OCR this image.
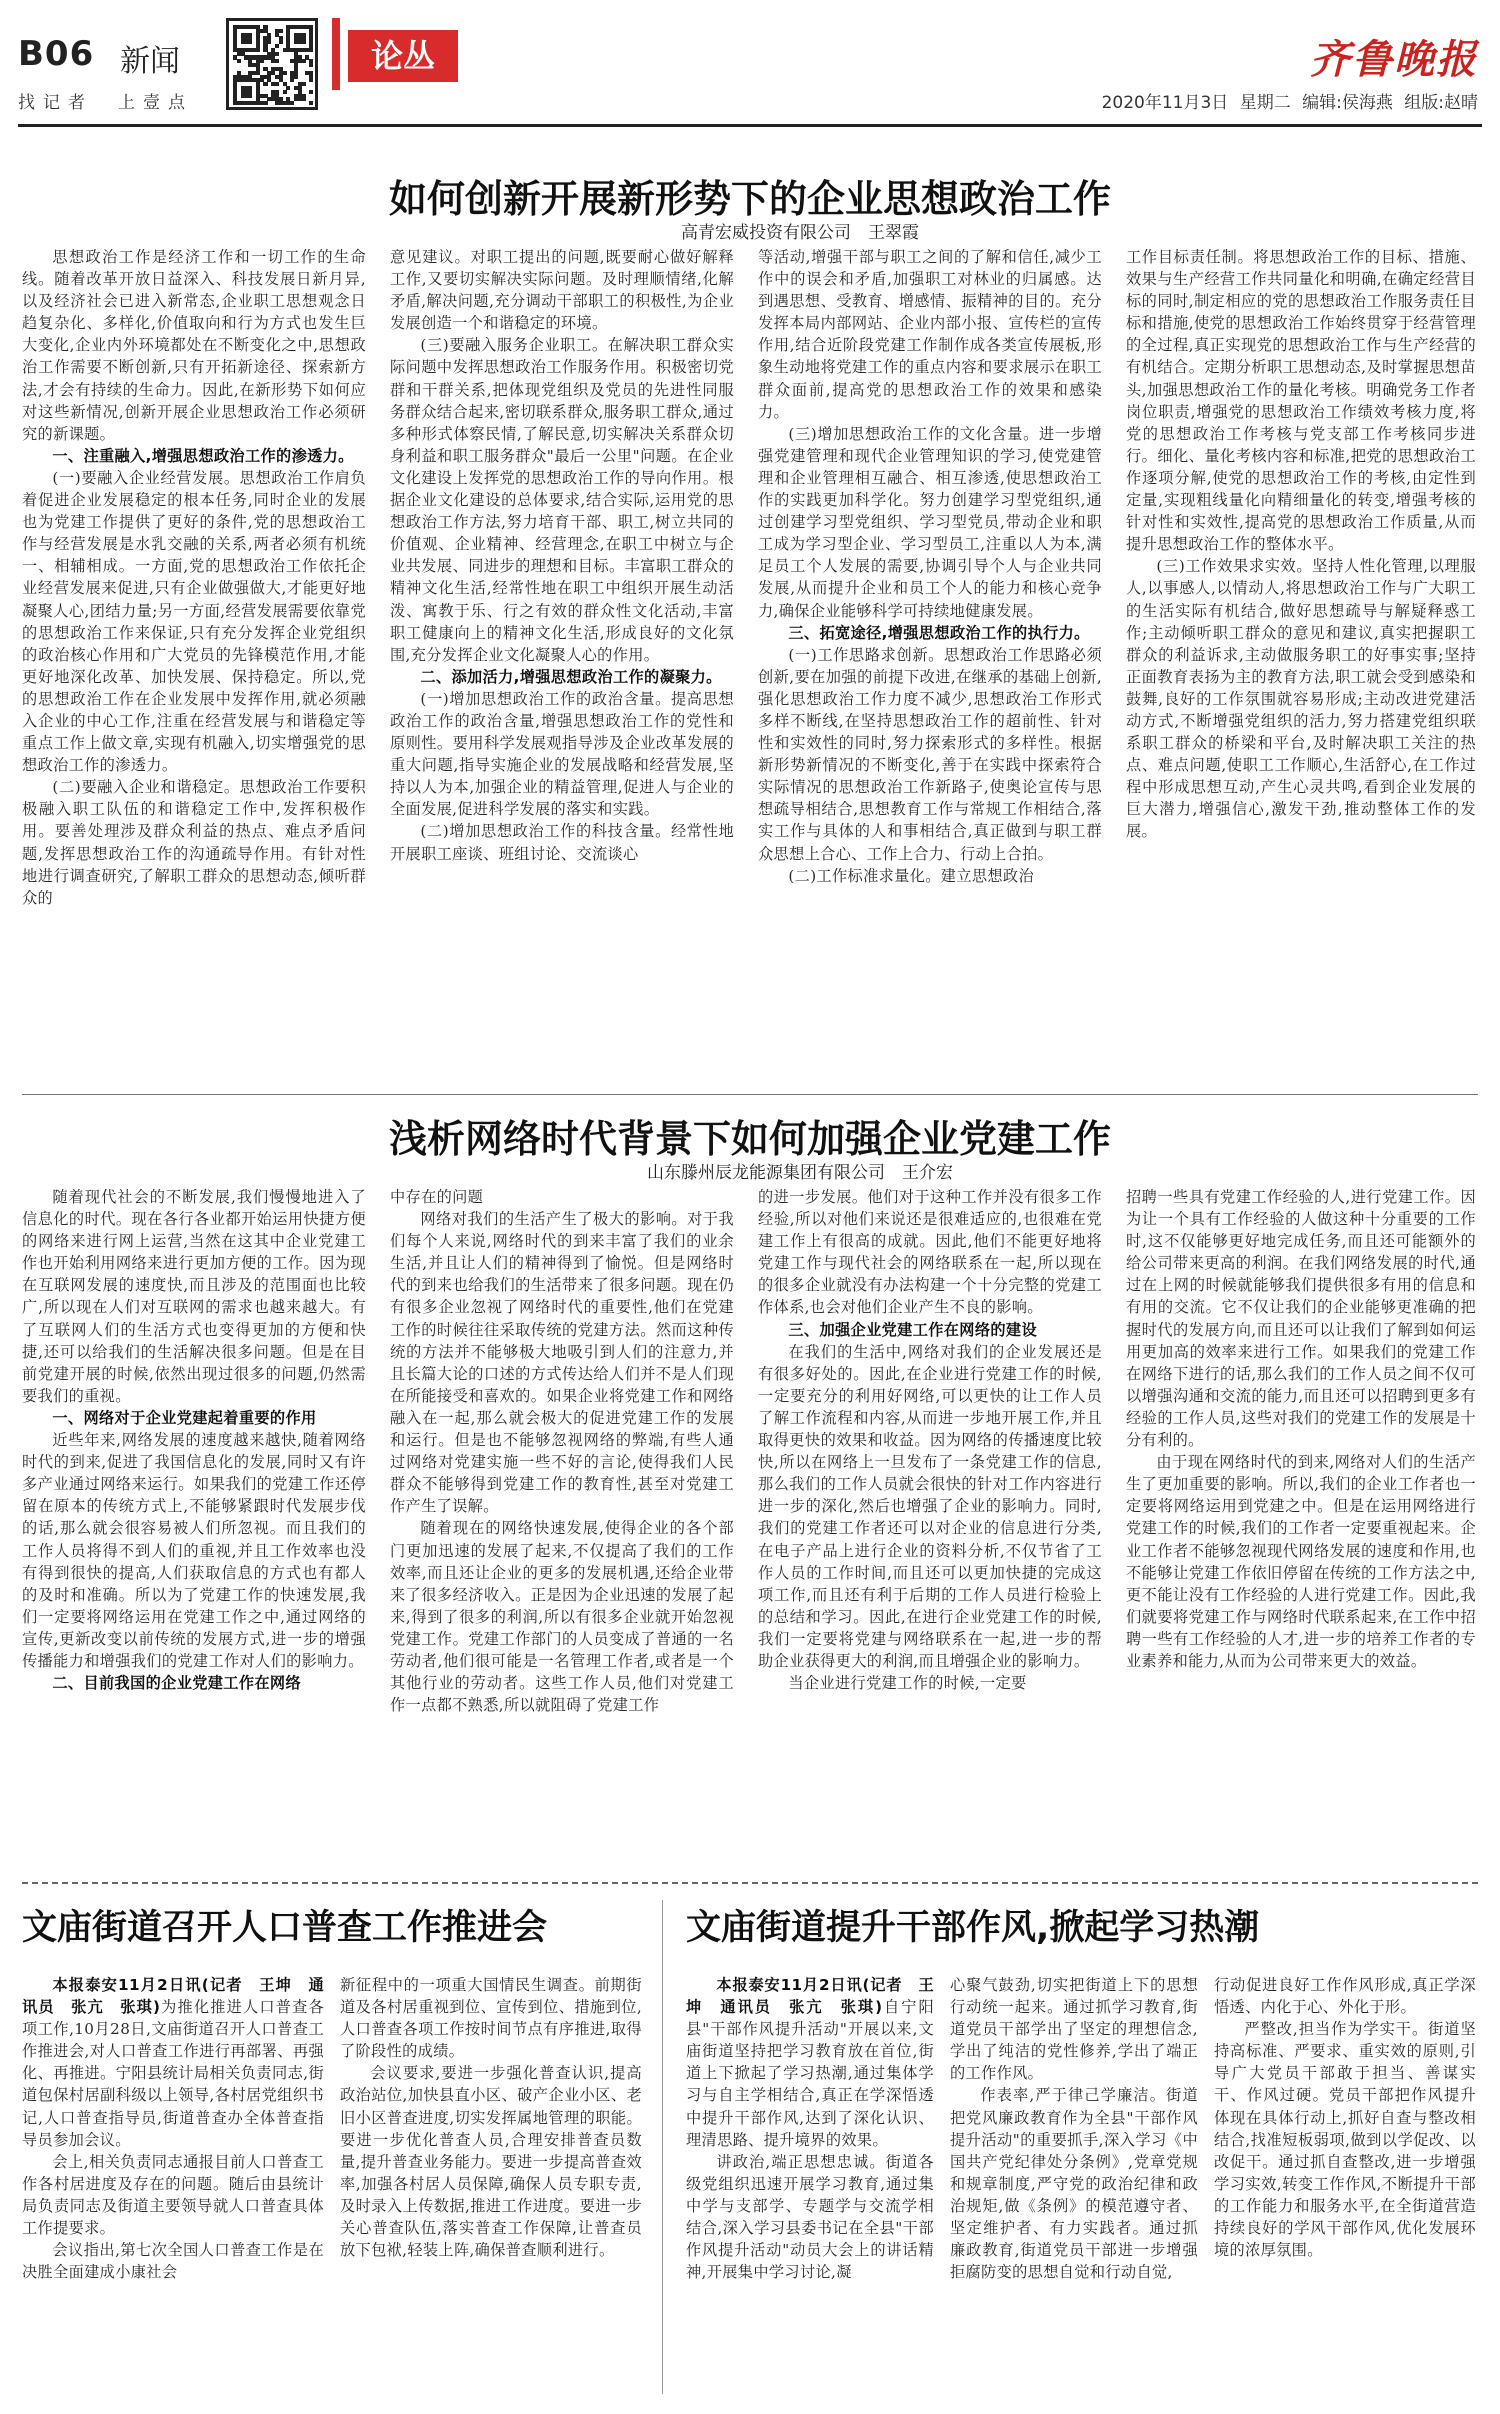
B06 新闻	论丛
找记者　上壹点
齐鲁晚报
2020年11月3日 星期二 编辑:侯海燕 组版:赵晴
如何创新开展新形势下的企业思想政治工作
高青宏威投资有限公司　王翠霞

思想政治工作是经济工作和一切工作的生命线。随着改革开放日益深入、科技发展日新月异,以及经济社会已进入新常态,企业职工思想观念日趋复杂化、多样化,价值取向和行为方式也发生巨大变化,企业内外环境都处在不断变化之中,思想政治工作需要不断创新,只有开拓新途径、探索新方法,才会有持续的生命力。因此,在新形势下如何应对这些新情况,创新开展企业思想政治工作必须研究的新课题。

一、注重融入,增强思想政治工作的渗透力。

(一)要融入企业经营发展。思想政治工作肩负着促进企业发展稳定的根本任务,同时企业的发展也为党建工作提供了更好的条件,党的思想政治工作与经营发展是水乳交融的关系,两者必须有机统一、相辅相成。一方面,党的思想政治工作依托企业经营发展来促进,只有企业做强做大,才能更好地凝聚人心,团结力量;另一方面,经营发展需要依靠党的思想政治工作来保证,只有充分发挥企业党组织的政治核心作用和广大党员的先锋模范作用,才能更好地深化改革、加快发展、保持稳定。所以,党的思想政治工作在企业发展中发挥作用,就必须融入企业的中心工作,注重在经营发展与和谐稳定等重点工作上做文章,实现有机融入,切实增强党的思想政治工作的渗透力。

(二)要融入企业和谐稳定。思想政治工作要积极融入职工队伍的和谐稳定工作中,发挥积极作用。要善处理涉及群众利益的热点、难点矛盾问题,发挥思想政治工作的沟通疏导作用。有针对性地进行调查研究,了解职工群众的思想动态,倾听群众的

意见建议。对职工提出的问题,既要耐心做好解释工作,又要切实解决实际问题。及时理顺情绪,化解矛盾,解决问题,充分调动干部职工的积极性,为企业发展创造一个和谐稳定的环境。

(三)要融入服务企业职工。在解决职工群众实际问题中发挥思想政治工作服务作用。积极密切党群和干群关系,把体现党组织及党员的先进性同服务群众结合起来,密切联系群众,服务职工群众,通过多种形式体察民情,了解民意,切实解决关系群众切身利益和职工服务群众"最后一公里"问题。在企业文化建设上发挥党的思想政治工作的导向作用。根据企业文化建设的总体要求,结合实际,运用党的思想政治工作方法,努力培育干部、职工,树立共同的价值观、企业精神、经营理念,在职工中树立与企业共发展、同进步的理想和目标。丰富职工群众的精神文化生活,经常性地在职工中组织开展生动活泼、寓教于乐、行之有效的群众性文化活动,丰富职工健康向上的精神文化生活,形成良好的文化氛围,充分发挥企业文化凝聚人心的作用。

二、添加活力,增强思想政治工作的凝聚力。

(一)增加思想政治工作的政治含量。提高思想政治工作的政治含量,增强思想政治工作的党性和原则性。要用科学发展观指导涉及企业改革发展的重大问题,指导实施企业的发展战略和经营发展,坚持以人为本,加强企业的精益管理,促进人与企业的全面发展,促进科学发展的落实和实践。

(二)增加思想政治工作的科技含量。经常性地开展职工座谈、班组讨论、交流谈心

等活动,增强干部与职工之间的了解和信任,减少工作中的误会和矛盾,加强职工对林业的归属感。达到遇思想、受教育、增感情、振精神的目的。充分发挥本局内部网站、企业内部小报、宣传栏的宣传作用,结合近阶段党建工作制作成各类宣传展板,形象生动地将党建工作的重点内容和要求展示在职工群众面前,提高党的思想政治工作的效果和感染力。

(三)增加思想政治工作的文化含量。进一步增强党建管理和现代企业管理知识的学习,使党建管理和企业管理相互融合、相互渗透,使思想政治工作的实践更加科学化。努力创建学习型党组织,通过创建学习型党组织、学习型党员,带动企业和职工成为学习型企业、学习型员工,注重以人为本,满足员工个人发展的需要,协调引导个人与企业共同发展,从而提升企业和员工个人的能力和核心竞争力,确保企业能够科学可持续地健康发展。

三、拓宽途径,增强思想政治工作的执行力。

(一)工作思路求创新。思想政治工作思路必须创新,要在加强的前提下改进,在继承的基础上创新,强化思想政治工作力度不减少,思想政治工作形式多样不断线,在坚持思想政治工作的超前性、针对性和实效性的同时,努力探索形式的多样性。根据新形势新情况的不断变化,善于在实践中探索符合实际情况的思想政治工作新路子,使奥论宣传与思想疏导相结合,思想教育工作与常规工作相结合,落实工作与具体的人和事相结合,真正做到与职工群众思想上合心、工作上合力、行动上合拍。

(二)工作标准求量化。建立思想政治

工作目标责任制。将思想政治工作的目标、措施、效果与生产经营工作共同量化和明确,在确定经营目标的同时,制定相应的党的思想政治工作服务责任目标和措施,使党的思想政治工作始终贯穿于经营管理的全过程,真正实现党的思想政治工作与生产经营的有机结合。定期分析职工思想动态,及时掌握思想苗头,加强思想政治工作的量化考核。明确党务工作者岗位职责,增强党的思想政治工作绩效考核力度,将党的思想政治工作考核与党支部工作考核同步进行。细化、量化考核内容和标准,把党的思想政治工作逐项分解,使党的思想政治工作的考核,由定性到定量,实现粗线量化向精细量化的转变,增强考核的针对性和实效性,提高党的思想政治工作质量,从而提升思想政治工作的整体水平。

(三)工作效果求实效。坚持人性化管理,以理服人,以事感人,以情动人,将思想政治工作与广大职工的生活实际有机结合,做好思想疏导与解疑释惑工作;主动倾听职工群众的意见和建议,真实把握职工群众的利益诉求,主动做服务职工的好事实事;坚持正面教育表扬为主的教育方法,职工就会受到感染和鼓舞,良好的工作氛围就容易形成;主动改进党建活动方式,不断增强党组织的活力,努力搭建党组织联系职工群众的桥梁和平台,及时解决职工关注的热点、难点问题,使职工工作顺心,生活舒心,在工作过程中形成思想互动,产生心灵共鸣,看到企业发展的巨大潜力,增强信心,激发干劲,推动整体工作的发展。

浅析网络时代背景下如何加强企业党建工作
山东滕州辰龙能源集团有限公司　王介宏

随着现代社会的不断发展,我们慢慢地进入了信息化的时代。现在各行各业都开始运用快捷方便的网络来进行网上运营,当然在这其中企业党建工作也开始利用网络来进行更加方便的工作。因为现在互联网发展的速度快,而且涉及的范围面也比较广,所以现在人们对互联网的需求也越来越大。有了互联网人们的生活方式也变得更加的方便和快捷,还可以给我们的生活解决很多问题。但是在目前党建开展的时候,依然出现过很多的问题,仍然需要我们的重视。

一、网络对于企业党建起着重要的作用

近些年来,网络发展的速度越来越快,随着网络时代的到来,促进了我国信息化的发展,同时又有许多产业通过网络来运行。如果我们的党建工作还停留在原本的传统方式上,不能够紧跟时代发展步伐的话,那么就会很容易被人们所忽视。而且我们的工作人员将得不到人们的重视,并且工作效率也没有得到很快的提高,人们获取信息的方式也有都人的及时和准确。所以为了党建工作的快速发展,我们一定要将网络运用在党建工作之中,通过网络的宣传,更新改变以前传统的发展方式,进一步的增强传播能力和增强我们的党建工作对人们的影响力。

二、目前我国的企业党建工作在网络

中存在的问题

网络对我们的生活产生了极大的影响。对于我们每个人来说,网络时代的到来丰富了我们的业余生活,并且让人们的精神得到了愉悦。但是网络时代的到来也给我们的生活带来了很多问题。现在仍有很多企业忽视了网络时代的重要性,他们在党建工作的时候往往采取传统的党建方法。然而这种传统的方法并不能够极大地吸引到人们的注意力,并且长篇大论的口述的方式传达给人们并不是人们现在所能接受和喜欢的。如果企业将党建工作和网络融入在一起,那么就会极大的促进党建工作的发展和运行。但是也不能够忽视网络的弊端,有些人通过网络对党建实施一些不好的言论,使得我们人民群众不能够得到党建工作的教育性,甚至对党建工作产生了误解。

随着现在的网络快速发展,使得企业的各个部门更加迅速的发展了起来,不仅提高了我们的工作效率,而且还让企业的更多的发展机遇,还给企业带来了很多经济收入。正是因为企业迅速的发展了起来,得到了很多的利润,所以有很多企业就开始忽视党建工作。党建工作部门的人员变成了普通的一名劳动者,他们很可能是一名管理工作者,或者是一个其他行业的劳动者。这些工作人员,他们对党建工作一点都不熟悉,所以就阻碍了党建工作

的进一步发展。他们对于这种工作并没有很多工作经验,所以对他们来说还是很难适应的,也很难在党建工作上有很高的成就。因此,他们不能更好地将党建工作与现代社会的网络联系在一起,所以现在的很多企业就没有办法构建一个十分完整的党建工作体系,也会对他们企业产生不良的影响。

三、加强企业党建工作在网络的建设

在我们的生活中,网络对我们的企业发展还是有很多好处的。因此,在企业进行党建工作的时候,一定要充分的利用好网络,可以更快的让工作人员了解工作流程和内容,从而进一步地开展工作,并且取得更快的效果和收益。因为网络的传播速度比较快,所以在网络上一旦发布了一条党建工作的信息,那么我们的工作人员就会很快的针对工作内容进行进一步的深化,然后也增强了企业的影响力。同时,我们的党建工作者还可以对企业的信息进行分类,在电子产品上进行企业的资料分析,不仅节省了工作人员的工作时间,而且还可以更加快捷的完成这项工作,而且还有利于后期的工作人员进行检验上的总结和学习。因此,在进行企业党建工作的时候,我们一定要将党建与网络联系在一起,进一步的帮助企业获得更大的利润,而且增强企业的影响力。

当企业进行党建工作的时候,一定要

招聘一些具有党建工作经验的人,进行党建工作。因为让一个具有工作经验的人做这种十分重要的工作时,这不仅能够更好地完成任务,而且还可能额外的给公司带来更高的利润。在我们网络发展的时代,通过在上网的时候就能够我们提供很多有用的信息和有用的交流。它不仅让我们的企业能够更准确的把握时代的发展方向,而且还可以让我们了解到如何运用更加高的效率来进行工作。如果我们的党建工作在网络下进行的话,那么我们的工作人员之间不仅可以增强沟通和交流的能力,而且还可以招聘到更多有经验的工作人员,这些对我们的党建工作的发展是十分有利的。

由于现在网络时代的到来,网络对人们的生活产生了更加重要的影响。所以,我们的企业工作者也一定要将网络运用到党建之中。但是在运用网络进行党建工作的时候,我们的工作者一定要重视起来。企业工作者不能够忽视现代网络发展的速度和作用,也不能够让党建工作依旧停留在传统的工作方法之中,更不能让没有工作经验的人进行党建工作。因此,我们就要将党建工作与网络时代联系起来,在工作中招聘一些有工作经验的人才,进一步的培养工作者的专业素养和能力,从而为公司带来更大的效益。

文庙街道召开人口普查工作推进会

本报泰安11月2日讯(记者　王坤　通讯员　张亢　张琪)为推化推进人口普查各项工作,10月28日,文庙街道召开人口普查工作推进会,对人口普查工作进行再部署、再强化、再推进。宁阳县统计局相关负责同志,街道包保村居副科级以上领导,各村居党组织书记,人口普查指导员,街道普查办全体普查指导员参加会议。

会上,相关负责同志通报目前人口普查工作各村居进度及存在的问题。随后由县统计局负责同志及街道主要领导就人口普查具体工作提要求。

会议指出,第七次全国人口普查工作是在决胜全面建成小康社会

新征程中的一项重大国情民生调查。前期街道及各村居重视到位、宣传到位、措施到位,人口普查各项工作按时间节点有序推进,取得了阶段性的成绩。

会议要求,要进一步强化普查认识,提高政治站位,加快县直小区、破产企业小区、老旧小区普查进度,切实发挥属地管理的职能。要进一步优化普查人员,合理安排普查员数量,提升普查业务能力。要进一步提高普查效率,加强各村居人员保障,确保人员专职专责,及时录入上传数据,推进工作进度。要进一步关心普查队伍,落实普查工作保障,让普查员放下包袱,轻装上阵,确保普查顺利进行。

文庙街道提升干部作风,掀起学习热潮

本报泰安11月2日讯(记者　王坤　通讯员　张亢　张琪)自宁阳县"干部作风提升活动"开展以来,文庙街道坚持把学习教育放在首位,街道上下掀起了学习热潮,通过集体学习与自主学相结合,真正在学深悟透中提升干部作风,达到了深化认识、理清思路、提升境界的效果。

讲政治,端正思想忠诚。街道各级党组织迅速开展学习教育,通过集中学与支部学、专题学与交流学相结合,深入学习县委书记在全县"干部作风提升活动"动员大会上的讲话精神,开展集中学习讨论,凝

心聚气鼓劲,切实把街道上下的思想行动统一起来。通过抓学习教育,街道党员干部学出了坚定的理想信念,学出了纯洁的党性修养,学出了端正的工作作风。

作表率,严于律己学廉洁。街道把党风廉政教育作为全县"干部作风提升活动"的重要抓手,深入学习《中国共产党纪律处分条例》,党章党规和规章制度,严守党的政治纪律和政治规矩,做《条例》的模范遵守者、坚定维护者、有力实践者。通过抓廉政教育,街道党员干部进一步增强拒腐防变的思想自觉和行动自觉,

行动促进良好工作作风形成,真正学深悟透、内化于心、外化于形。

严整改,担当作为学实干。街道坚持高标准、严要求、重实效的原则,引导广大党员干部敢于担当、善谋实干、作风过硬。党员干部把作风提升体现在具体行动上,抓好自查与整改相结合,找准短板弱项,做到以学促改、以改促干。通过抓自查整改,进一步增强学习实效,转变工作作风,不断提升干部的工作能力和服务水平,在全街道营造持续良好的学风干部作风,优化发展环境的浓厚氛围。
